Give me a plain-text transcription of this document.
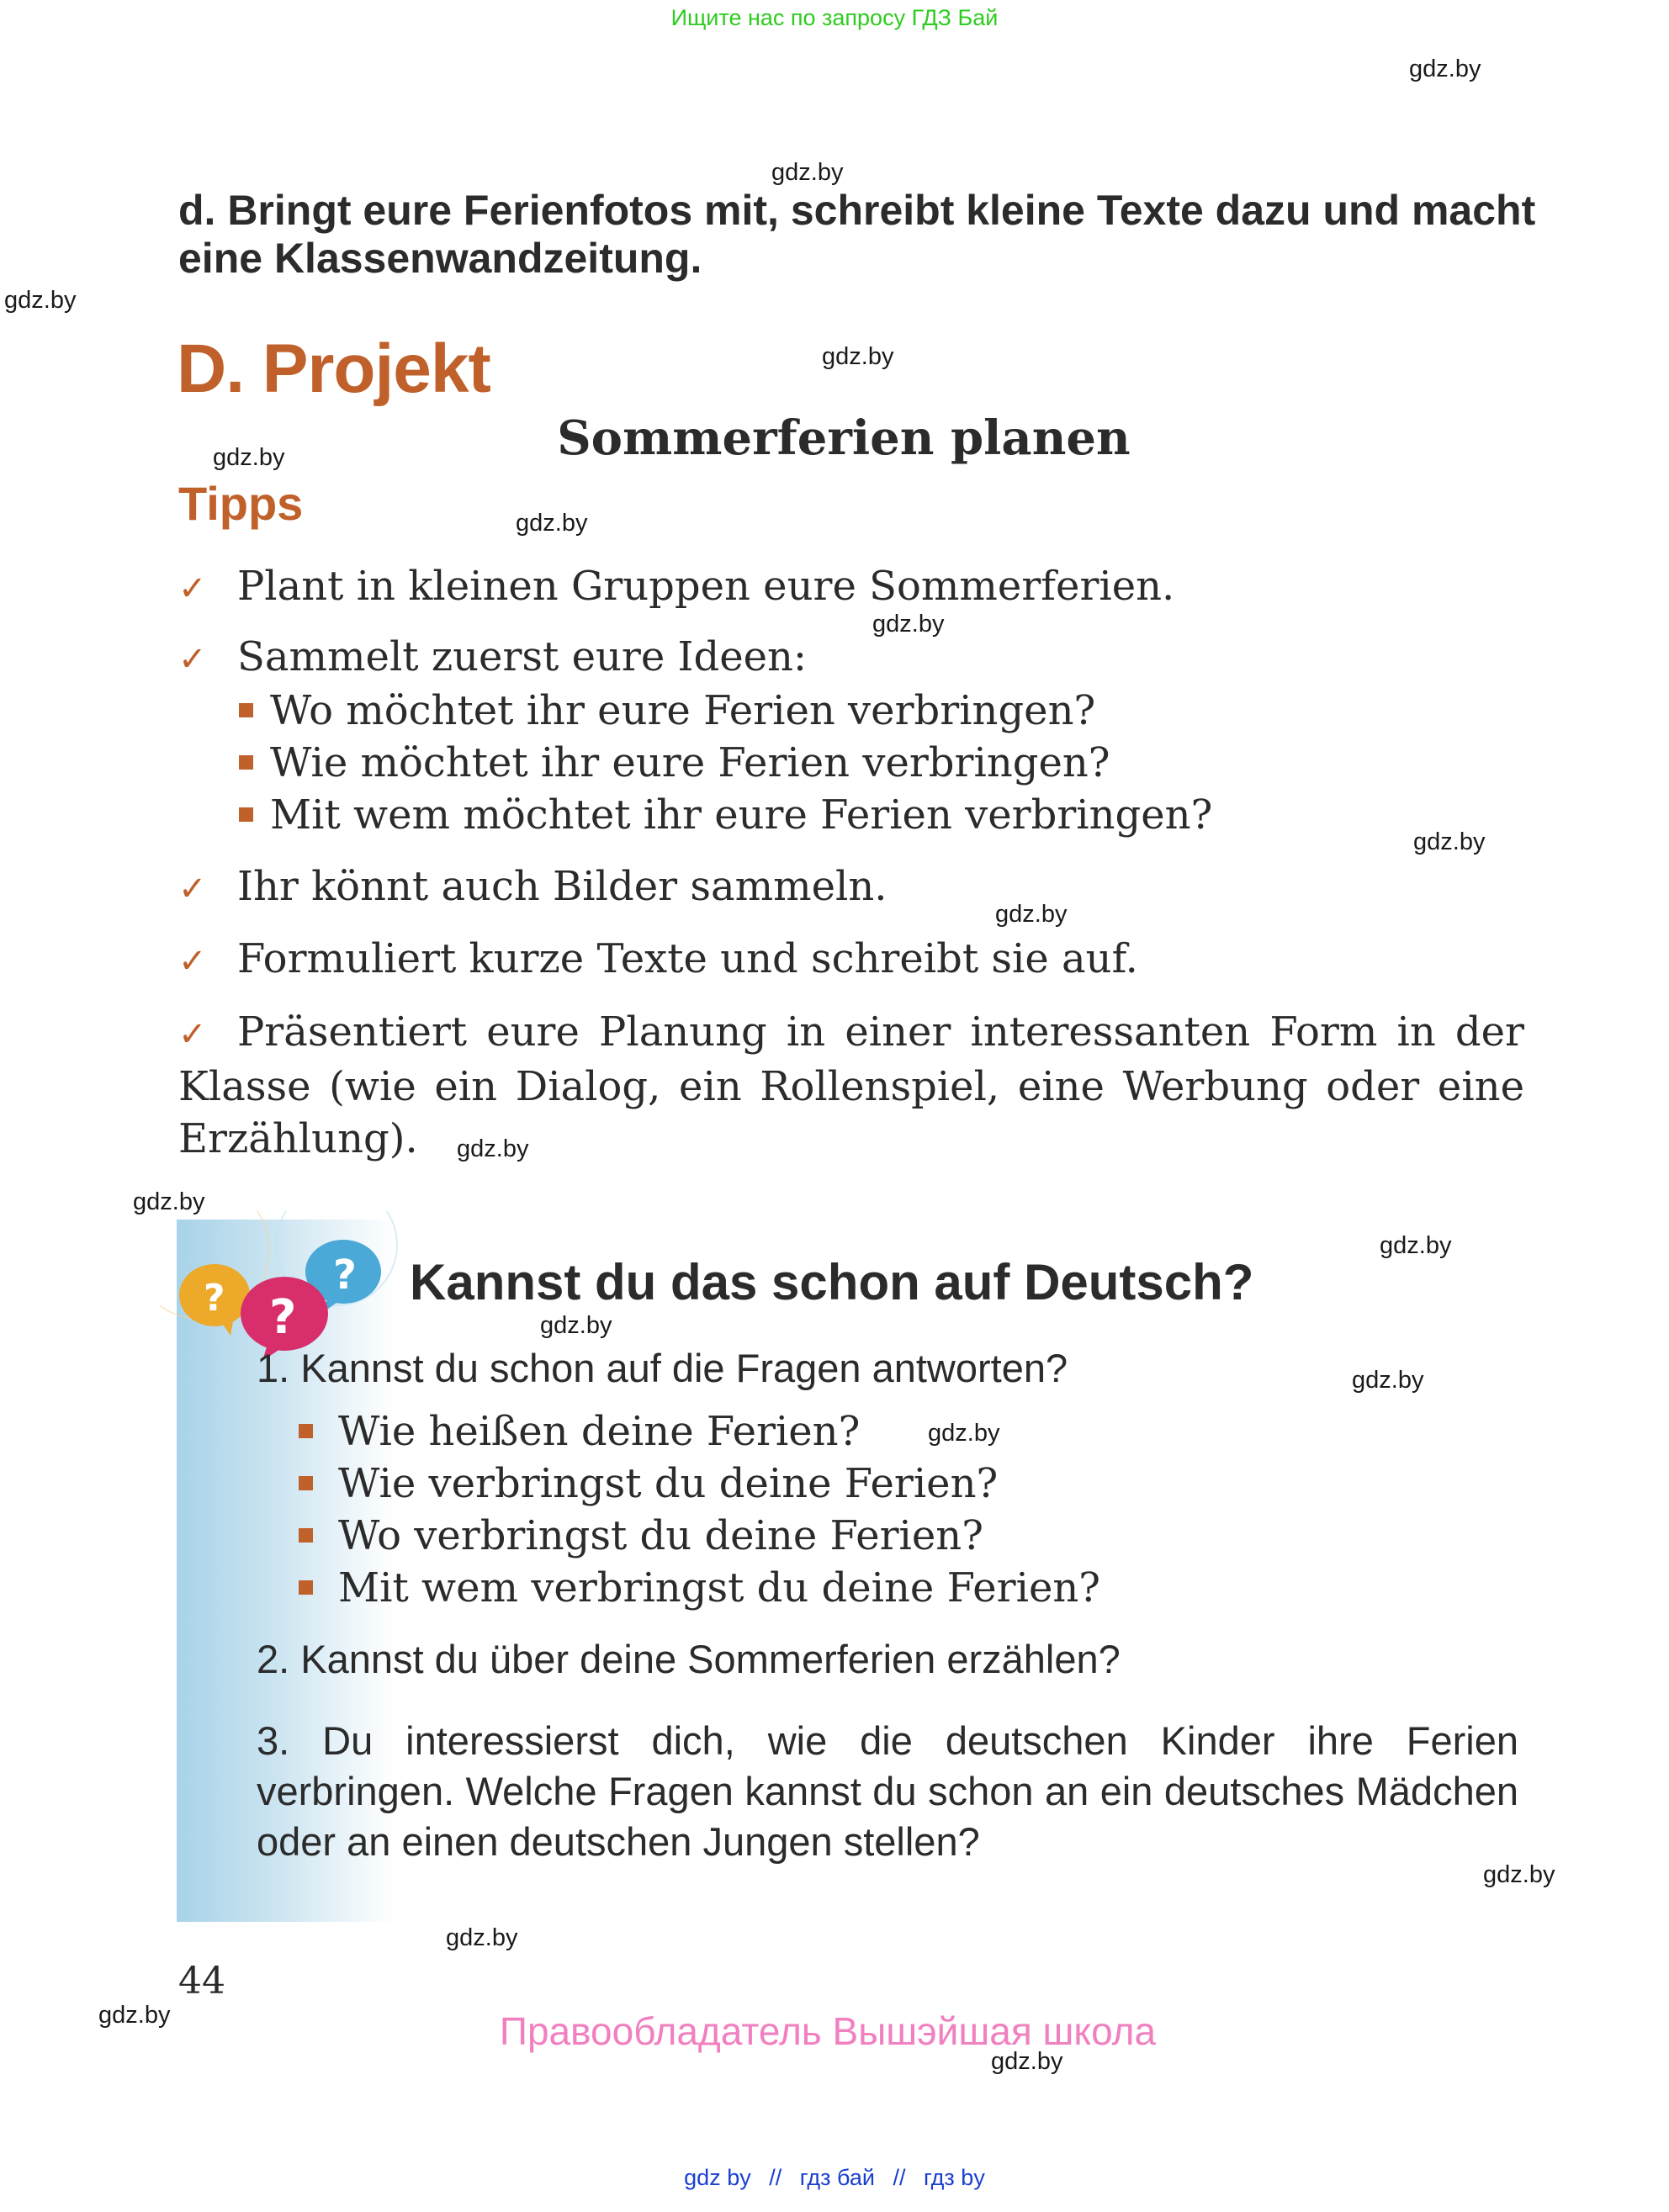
Ищите нас по запросу ГДЗ Бай
gdz.by
gdz.by
gdz.by
gdz.by
gdz.by
gdz.by
gdz.by
gdz.by
gdz.by
gdz.by
gdz.by
gdz.by
gdz.by
gdz.by
gdz.by
gdz.by
gdz.by
gdz.by
gdz.by
d. Bringt eure Ferienfotos mit, schreibt kleine Texte dazu und macht eine Klassenwandzeitung.
D. Projekt
Sommerferien planen
Tipps
✓ Plant in kleinen Gruppen eure Sommerferien.
✓ Sammelt zuerst eure Ideen:
Wo möchtet ihr eure Ferien verbringen?
Wie möchtet ihr eure Ferien verbringen?
Mit wem möchtet ihr eure Ferien verbringen?
✓ Ihr könnt auch Bilder sammeln.
✓ Formuliert kurze Texte und schreibt sie auf.
✓ Präsentiert eure Planung in einer interessanten Form in der Klasse (wie ein Dialog, ein Rollenspiel, eine Werbung oder eine Erzählung).
?
? ?
Kannst du das schon auf Deutsch?
1. Kannst du schon auf die Fragen antworten?
Wie heißen deine Ferien?
Wie verbringst du deine Ferien?
Wo verbringst du deine Ferien?
Mit wem verbringst du deine Ferien?
2. Kannst du über deine Sommerferien erzählen?
3. Du interessierst dich, wie die deutschen Kinder ihre Ferien verbringen. Welche Fragen kannst du schon an ein deutsches Mädchen oder an einen deutschen Jungen stellen?
44
Правообладатель Вышэйшая школа
gdz by // гдз бай // гдз by
